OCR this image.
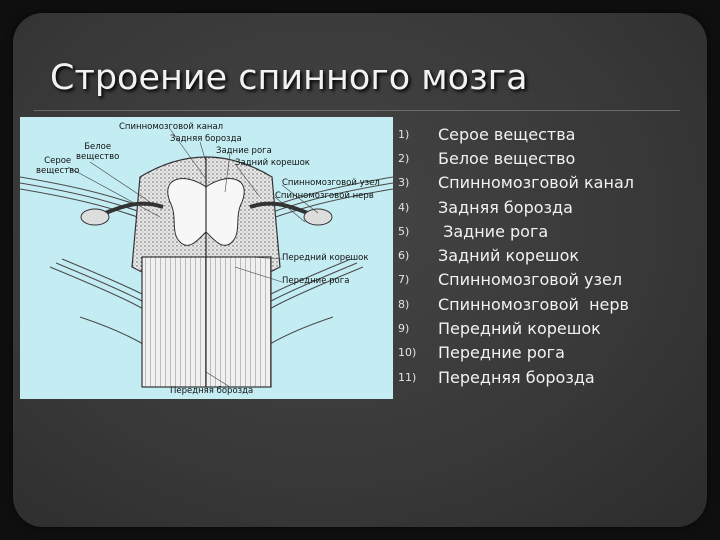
Строение спинного мозга
Спинномозговой канал
Задняя борозда
Белое
вещество
Серое
вещество
Задние рога
Задний корешок
Спинномозговой узел
Спинномозговой нерв
Передний корешок
Передние рога
Передняя борозда
1)	Серое вещества
2)	Белое вещество
3)	Спинномозговой канал
4)	Задняя борозда
5)	Задние рога
6)	Задний корешок
7)	Спинномозговой узел
8)	Спинномозговой  нерв
9)	Передний корешок
10)	Передние рога
11)	Передняя борозда
